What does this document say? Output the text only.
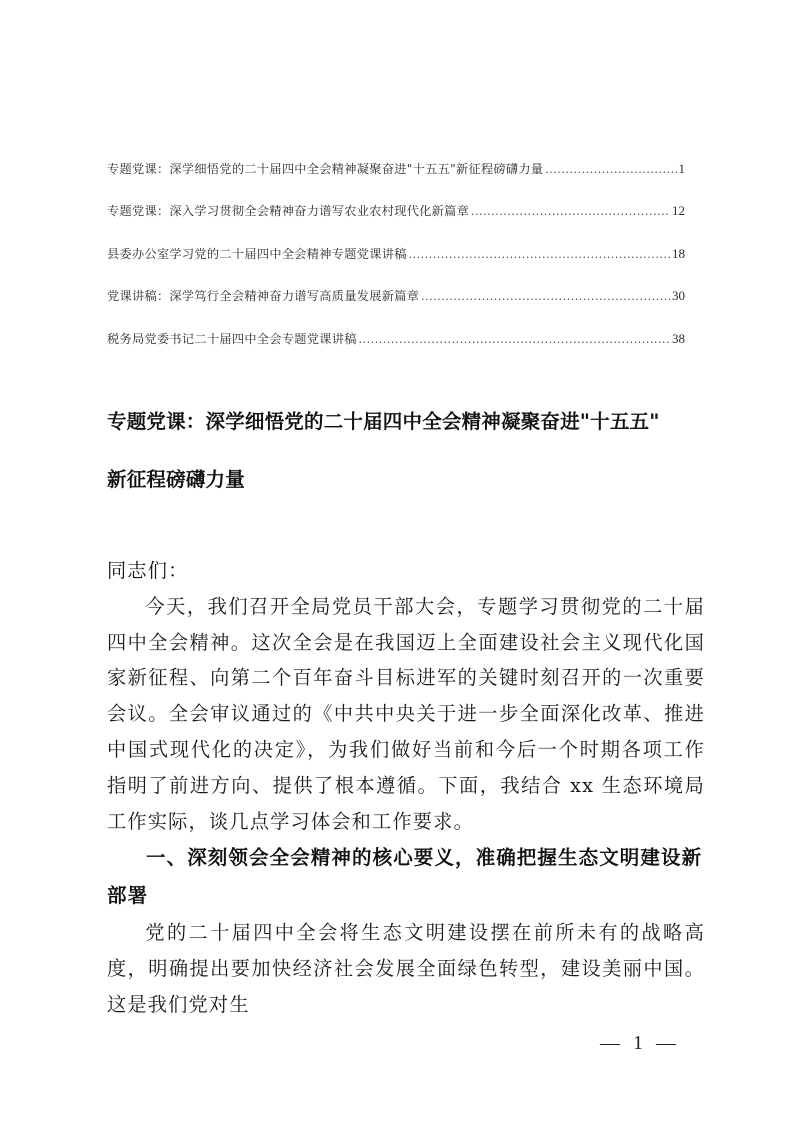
专题党课：深学细悟党的二十届四中全会精神凝聚奋进"十五五"新征程磅礴力量 .....	1
专题党课：深入学习贯彻全会精神奋力谱写农业农村现代化新篇章 .....	12
县委办公室学习党的二十届四中全会精神专题党课讲稿 .....	18
党课讲稿：深学笃行全会精神奋力谱写高质量发展新篇章 .....	30
税务局党委书记二十届四中全会专题党课讲稿 .....	38
专题党课：深学细悟党的二十届四中全会精神凝聚奋进"十五五"
新征程磅礴力量

同志们：

今天，我们召开全局党员干部大会，专题学习贯彻党的二十届四中全会精神。这次全会是在我国迈上全面建设社会主义现代化国家新征程、向第二个百年奋斗目标进军的关键时刻召开的一次重要会议。全会审议通过的《中共中央关于进一步全面深化改革、推进中国式现代化的决定》，为我们做好当前和今后一个时期各项工作指明了前进方向、提供了根本遵循。下面，我结合 xx 生态环境局工作实际，谈几点学习体会和工作要求。

一、深刻领会全会精神的核心要义，准确把握生态文明建设新部署

党的二十届四中全会将生态文明建设摆在前所未有的战略高度，明确提出要加快经济社会发展全面绿色转型，建设美丽中国。这是我们党对生

— 1 —
